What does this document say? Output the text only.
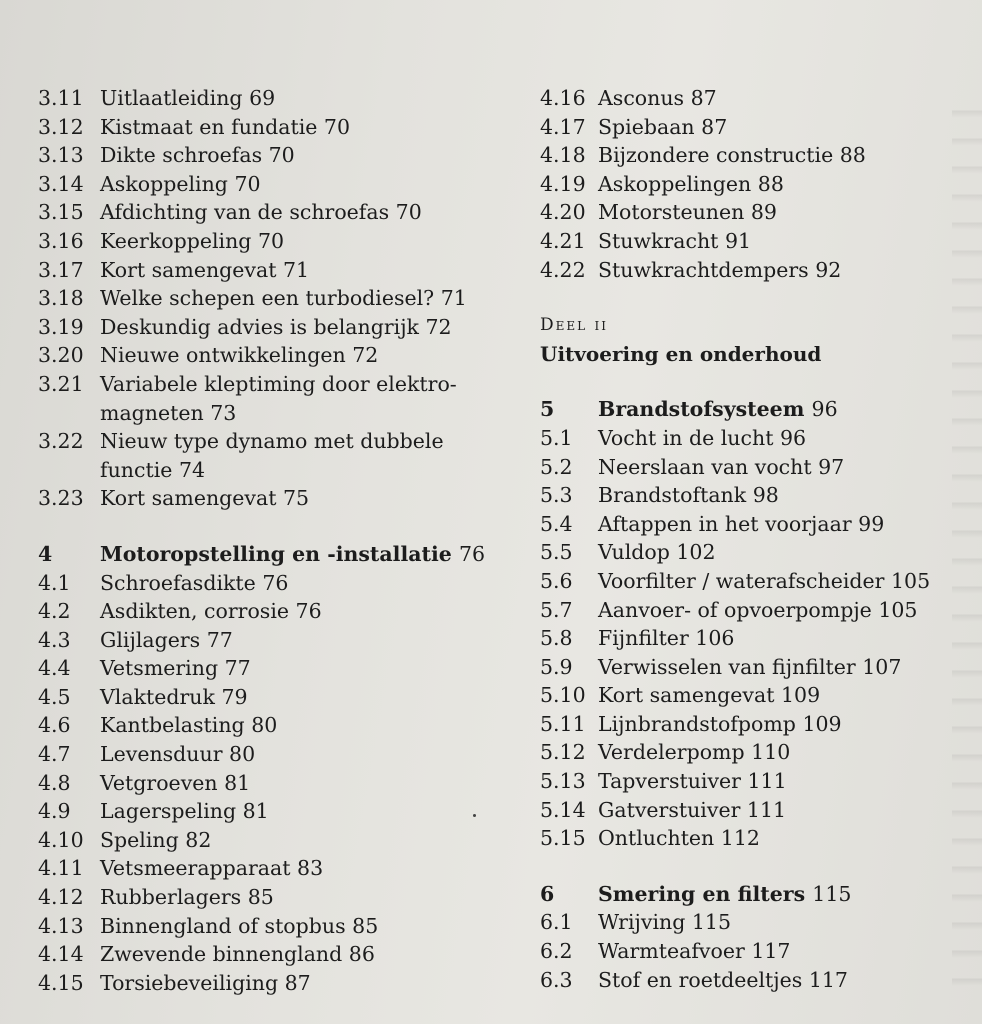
3.11 Uitlaatleiding 69
3.12 Kistmaat en fundatie 70
3.13 Dikte schroefas 70
3.14 Askoppeling 70
3.15 Afdichting van de schroefas 70
3.16 Keerkoppeling 70
3.17 Kort samengevat 71
3.18 Welke schepen een turbodiesel? 71
3.19 Deskundig advies is belangrijk 72
3.20 Nieuwe ontwikkelingen 72
3.21 Variabele kleptiming door elektro-magneten 73
3.22 Nieuw type dynamo met dubbele functie 74
3.23 Kort samengevat 75
4	Motoropstelling en -installatie 76
4.1	Schroefasdikte 76
4.2	Asdikten, corrosie 76
4.3	Glijlagers 77
4.4	Vetsmering 77
4.5	Vlaktedruk 79
4.6	Kantbelasting 80
4.7	Levensduur 80
4.8	Vetgroeven 81
4.9	Lagerspeling 81
4.10 Speling 82
4.11 Vetsmeerapparaat 83
4.12 Rubberlagers 85
4.13 Binnengland of stopbus 85
4.14 Zwevende binnengland 86
4.15 Torsiebeveiliging 87
4.16 Asconus 87
4.17 Spiebaan 87
4.18 Bijzondere constructie 88
4.19 Askoppelingen 88
4.20 Motorsteunen 89
4.21 Stuwkracht 91
4.22 Stuwkrachtdempers 92
Deel ii
Uitvoering en onderhoud
5	Brandstofsysteem 96
5.1	Vocht in de lucht 96
5.2	Neerslaan van vocht 97
5.3	Brandstoftank 98
5.4	Aftappen in het voorjaar 99
5.5	Vuldop 102
5.6	Voorfilter / waterafscheider 105
5.7	Aanvoer- of opvoerpompje 105
5.8	Fijnfilter 106
5.9	Verwisselen van fijnfilter 107
5.10 Kort samengevat 109
5.11 Lijnbrandstofpomp 109
5.12 Verdelerpomp 110
5.13 Tapverstuiver 111
5.14 Gatverstuiver 111
5.15 Ontluchten 112
6	Smering en filters 115
6.1	Wrijving 115
6.2	Warmteafvoer 117
6.3	Stof en roetdeeltjes 117
